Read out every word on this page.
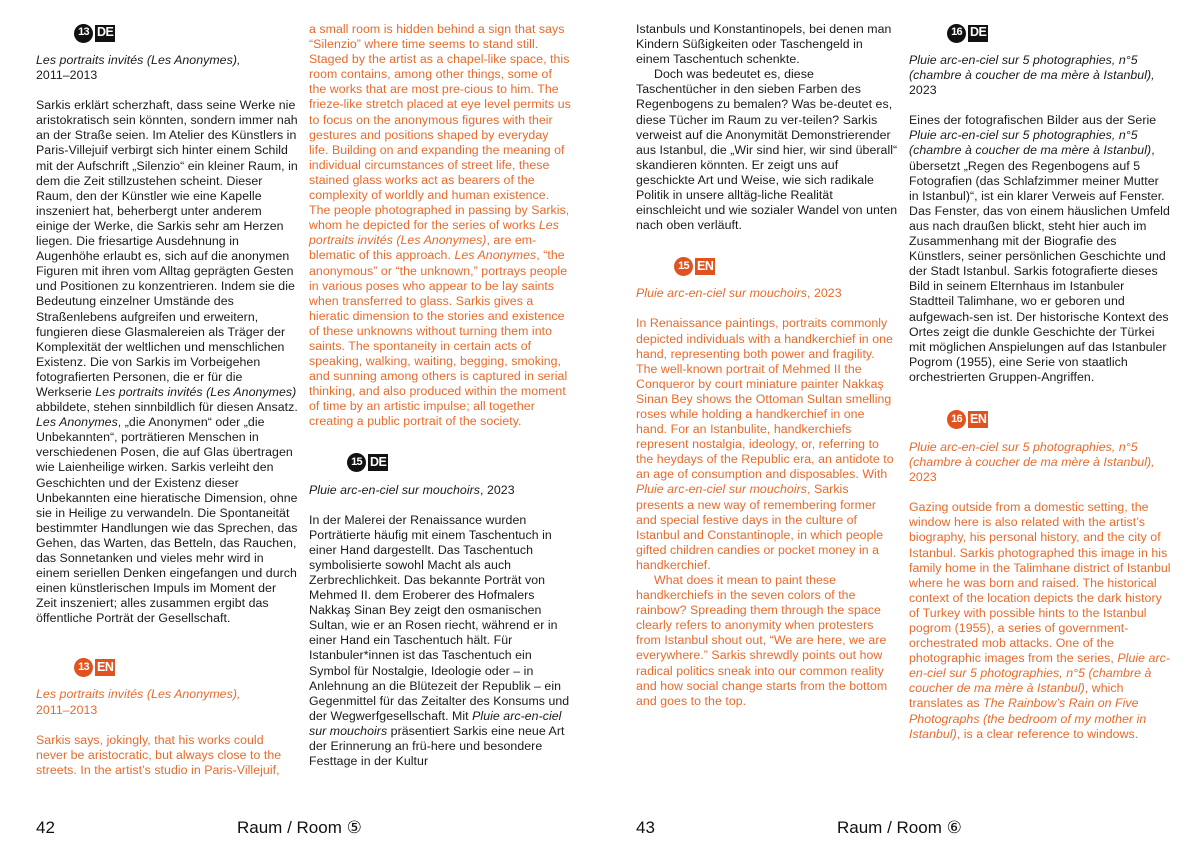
13 DE

Les portraits invités (Les Anonymes),

2011–2013

Sarkis erklärt scherzhaft, dass seine Werke nie aristokratisch sein könnten, sondern immer nah an der Straße seien. Im Atelier des Künstlers in Paris-Villejuif verbirgt sich hinter einem Schild mit der Aufschrift „Silenzio“ ein kleiner Raum, in dem die Zeit stillzustehen scheint. Dieser Raum, den der Künstler wie eine Kapelle inszeniert hat, beherbergt unter anderem einige der Werke, die Sarkis sehr am Herzen liegen. Die friesartige Ausdehnung in Augenhöhe erlaubt es, sich auf die anonymen Figuren mit ihren vom Alltag geprägten Gesten und Positionen zu konzentrieren. Indem sie die Bedeutung einzelner Umstände des Straßenlebens aufgreifen und erweitern, fungieren diese Glasmalereien als Träger der Komplexität der weltlichen und menschlichen Existenz. Die von Sarkis im Vorbeigehen fotografierten Personen, die er für die Werkserie Les portraits invités (Les Anonymes) abbildete, stehen sinnbildlich für diesen Ansatz. Les Anonymes, „die Anonymen“ oder „die Unbekannten“, porträtieren Menschen in verschiedenen Posen, die auf Glas übertragen wie Laienheilige wirken. Sarkis verleiht den Geschichten und der Existenz dieser Unbekannten eine hieratische Dimension, ohne sie in Heilige zu verwandeln. Die Spontaneität bestimmter Handlungen wie das Sprechen, das Gehen, das Warten, das Betteln, das Rauchen, das Sonnetanken und vieles mehr wird in einem seriellen Denken eingefangen und durch einen künstlerischen Impuls im Moment der Zeit inszeniert; alles zusammen ergibt das öffentliche Porträt der Gesellschaft.

13 EN

Les portraits invités (Les Anonymes),

2011–2013

Sarkis says, jokingly, that his works could never be aristocratic, but always close to the streets. In the artist’s studio in Paris-Villejuif,

a small room is hidden behind a sign that says “Silenzio” where time seems to stand still. Staged by the artist as a chapel-like space, this room contains, among other things, some of the works that are most pre-cious to him. The frieze-like stretch placed at eye level permits us to focus on the anonymous figures with their gestures and positions shaped by everyday life. Building on and expanding the meaning of individual circumstances of street life, these stained glass works act as bearers of the complexity of worldly and human existence. The people photographed in passing by Sarkis, whom he depicted for the series of works Les portraits invités (Les Anonymes), are em-blematic of this approach. Les Anonymes, “the anonymous” or “the unknown,” portrays people in various poses who appear to be lay saints when transferred to glass. Sarkis gives a hieratic dimension to the stories and existence of these unknowns without turning them into saints. The spontaneity in certain acts of speaking, walking, waiting, begging, smoking, and sunning among others is captured in serial thinking, and also produced within the moment of time by an artistic impulse; all together creating a public portrait of the society.

15 DE

Pluie arc-en-ciel sur mouchoirs, 2023

In der Malerei der Renaissance wurden Porträtierte häufig mit einem Taschentuch in einer Hand dargestellt. Das Taschentuch symbolisierte sowohl Macht als auch Zerbrechlichkeit. Das bekannte Porträt von Mehmed II. dem Eroberer des Hofmalers Nakkaş Sinan Bey zeigt den osmanischen Sultan, wie er an Rosen riecht, während er in einer Hand ein Taschentuch hält. Für Istanbuler*innen ist das Taschentuch ein Symbol für Nostalgie, Ideologie oder – in Anlehnung an die Blütezeit der Republik – ein Gegenmittel für das Zeitalter des Konsums und der Wegwerfgesellschaft. Mit Pluie arc-en-ciel sur mouchoirs präsentiert Sarkis eine neue Art der Erinnerung an frü-here und besondere Festtage in der Kultur

Istanbuls und Konstantinopels, bei denen man Kindern Süßigkeiten oder Taschengeld in einem Taschentuch schenkte.

Doch was bedeutet es, diese Taschentücher in den sieben Farben des Regenbogens zu bemalen? Was be-deutet es, diese Tücher im Raum zu ver-teilen? Sarkis verweist auf die Anonymität Demonstrierender aus Istanbul, die „Wir sind hier, wir sind überall“ skandieren könnten. Er zeigt uns auf geschickte Art und Weise, wie sich radikale Politik in unsere alltäg-liche Realität einschleicht und wie sozialer Wandel von unten nach oben verläuft.

15 EN

Pluie arc-en-ciel sur mouchoirs, 2023

In Renaissance paintings, portraits commonly depicted individuals with a handkerchief in one hand, representing both power and fragility. The well-known portrait of Mehmed II the Conqueror by court miniature painter Nakkaş Sinan Bey shows the Ottoman Sultan smelling roses while holding a handkerchief in one hand. For an Istanbulite, handkerchiefs represent nostalgia, ideology, or, referring to the heydays of the Republic era, an antidote to an age of consumption and disposables. With Pluie arc-en-ciel sur mouchoirs, Sarkis presents a new way of remembering former and special festive days in the culture of Istanbul and Constantinople, in which people gifted children candies or pocket money in a handkerchief.

What does it mean to paint these handkerchiefs in the seven colors of the rainbow? Spreading them through the space clearly refers to anonymity when protesters from Istanbul shout out, “We are here, we are everywhere.” Sarkis shrewdly points out how radical politics sneak into our common reality and how social change starts from the bottom and goes to the top.

16 DE

Pluie arc-en-ciel sur 5 photographies, n°5 (chambre à coucher de ma mère à Istanbul),

2023

Eines der fotografischen Bilder aus der Serie Pluie arc-en-ciel sur 5 photographies, n°5 (chambre à coucher de ma mère à Istanbul), übersetzt „Regen des Regenbogens auf 5 Fotografien (das Schlafzimmer meiner Mutter in Istanbul)“, ist ein klarer Verweis auf Fenster. Das Fenster, das von einem häuslichen Umfeld aus nach draußen blickt, steht hier auch im Zusammenhang mit der Biografie des Künstlers, seiner persönlichen Geschichte und der Stadt Istanbul. Sarkis fotografierte dieses Bild in seinem Elternhaus im Istanbuler Stadtteil Talimhane, wo er geboren und aufgewach-sen ist. Der historische Kontext des Ortes zeigt die dunkle Geschichte der Türkei mit möglichen Anspielungen auf das Istanbuler Pogrom (1955), eine Serie von staatlich orchestrierten Gruppen-Angriffen.

16 EN

Pluie arc-en-ciel sur 5 photographies, n°5 (chambre à coucher de ma mère à Istanbul),

2023

Gazing outside from a domestic setting, the window here is also related with the artist’s biography, his personal history, and the city of Istanbul. Sarkis photographed this image in his family home in the Talimhane district of Istanbul where he was born and raised. The historical context of the location depicts the dark history of Turkey with possible hints to the Istanbul pogrom (1955), a series of government-orchestrated mob attacks. One of the photographic images from the series, Pluie arc-en-ciel sur 5 photographies, n°5 (chambre à coucher de ma mère à Istanbul), which translates as The Rainbow’s Rain on Five Photographs (the bedroom of my mother in Istanbul), is a clear reference to windows.

42	Raum / Room ⑤	43	Raum / Room ⑥
